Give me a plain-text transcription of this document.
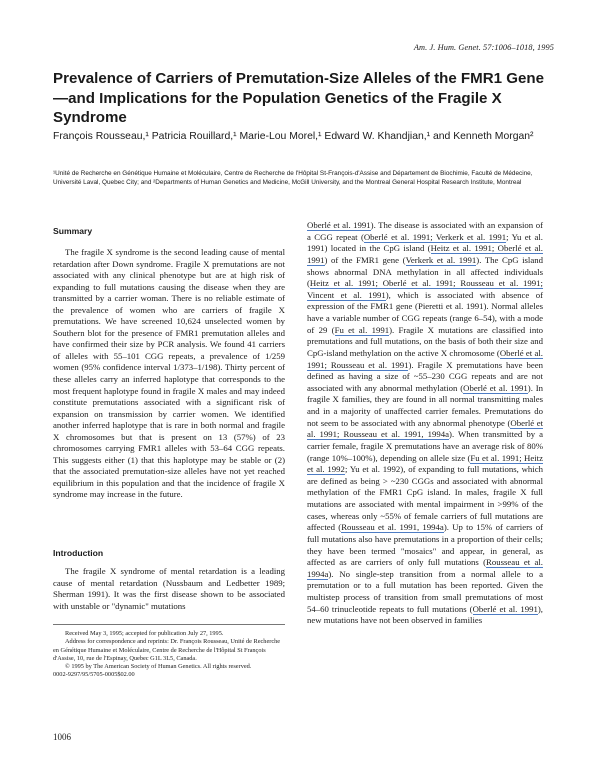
Am. J. Hum. Genet. 57:1006–1018, 1995
Prevalence of Carriers of Premutation-Size Alleles of the FMR1 Gene—and Implications for the Population Genetics of the Fragile X Syndrome

François Rousseau,¹ Patricia Rouillard,¹ Marie-Lou Morel,¹ Edward W. Khandjian,¹ and Kenneth Morgan²

¹Unité de Recherche en Génétique Humaine et Moléculaire, Centre de Recherche de l'Hôpital St-François-d'Assise and Département de Biochimie, Faculté de Médecine, Université Laval, Quebec City; and ²Departments of Human Genetics and Medicine, McGill University, and the Montreal General Hospital Research Institute, Montreal

Summary

The fragile X syndrome is the second leading cause of mental retardation after Down syndrome. Fragile X premutations are not associated with any clinical phenotype but are at high risk of expanding to full mutations causing the disease when they are transmitted by a carrier woman. There is no reliable estimate of the prevalence of women who are carriers of fragile X premutations. We have screened 10,624 unselected women by Southern blot for the presence of FMR1 premutation alleles and have confirmed their size by PCR analysis. We found 41 carriers of alleles with 55–101 CGG repeats, a prevalence of 1/259 women (95% confidence interval 1/373–1/198). Thirty percent of these alleles carry an inferred haplotype that corresponds to the most frequent haplotype found in fragile X males and may indeed constitute premutations associated with a significant risk of expansion on transmission by carrier women. We identified another inferred haplotype that is rare in both normal and fragile X chromosomes but that is present on 13 (57%) of 23 chromosomes carrying FMR1 alleles with 53–64 CGG repeats. This suggests either (1) that this haplotype may be stable or (2) that the associated premutation-size alleles have not yet reached equilibrium in this population and that the incidence of fragile X syndrome may increase in the future.

Introduction

The fragile X syndrome of mental retardation is a leading cause of mental retardation (Nussbaum and Ledbetter 1989; Sherman 1991). It was the first disease shown to be associated with unstable or "dynamic" mutations

Received May 3, 1995; accepted for publication July 27, 1995.

Address for correspondence and reprints: Dr. François Rousseau, Unité de Recherche en Génétique Humaine et Moléculaire, Centre de Recherche de l'Hôpital St François d'Assise, 10, rue de l'Espinay, Quebec G1L 3L5, Canada.

© 1995 by The American Society of Human Genetics. All rights reserved.

0002-9297/95/5705-0005$02.00

Oberlé et al. 1991). The disease is associated with an expansion of a CGG repeat (Oberlé et al. 1991; Verkerk et al. 1991; Yu et al. 1991) located in the CpG island (Heitz et al. 1991; Oberlé et al. 1991) of the FMR1 gene (Verkerk et al. 1991). The CpG island shows abnormal DNA methylation in all affected individuals (Heitz et al. 1991; Oberlé et al. 1991; Rousseau et al. 1991; Vincent et al. 1991), which is associated with absence of expression of the FMR1 gene (Pieretti et al. 1991). Normal alleles have a variable number of CGG repeats (range 6–54), with a mode of 29 (Fu et al. 1991). Fragile X mutations are classified into premutations and full mutations, on the basis of both their size and CpG-island methylation on the active X chromosome (Oberlé et al. 1991; Rousseau et al. 1991). Fragile X premutations have been defined as having a size of ~55–230 CGG repeats and are not associated with any abnormal methylation (Oberlé et al. 1991). In fragile X families, they are found in all normal transmitting males and in a majority of unaffected carrier females. Premutations do not seem to be associated with any abnormal phenotype (Oberlé et al. 1991; Rousseau et al. 1991, 1994a). When transmitted by a carrier female, fragile X premutations have an average risk of 80% (range 10%–100%), depending on allele size (Fu et al. 1991; Heitz et al. 1992; Yu et al. 1992), of expanding to full mutations, which are defined as being > ~230 CGGs and associated with abnormal methylation of the FMR1 CpG island. In males, fragile X full mutations are associated with mental impairment in >99% of the cases, whereas only ~55% of female carriers of full mutations are affected (Rousseau et al. 1991, 1994a). Up to 15% of carriers of full mutations also have premutations in a proportion of their cells; they have been termed "mosaics" and appear, in general, as affected as are carriers of only full mutations (Rousseau et al. 1994a). No single-step transition from a normal allele to a premutation or to a full mutation has been reported. Given the multistep process of transition from small premutations of most 54–60 trinucleotide repeats to full mutations (Oberlé et al. 1991), new mutations have not been observed in families

1006
